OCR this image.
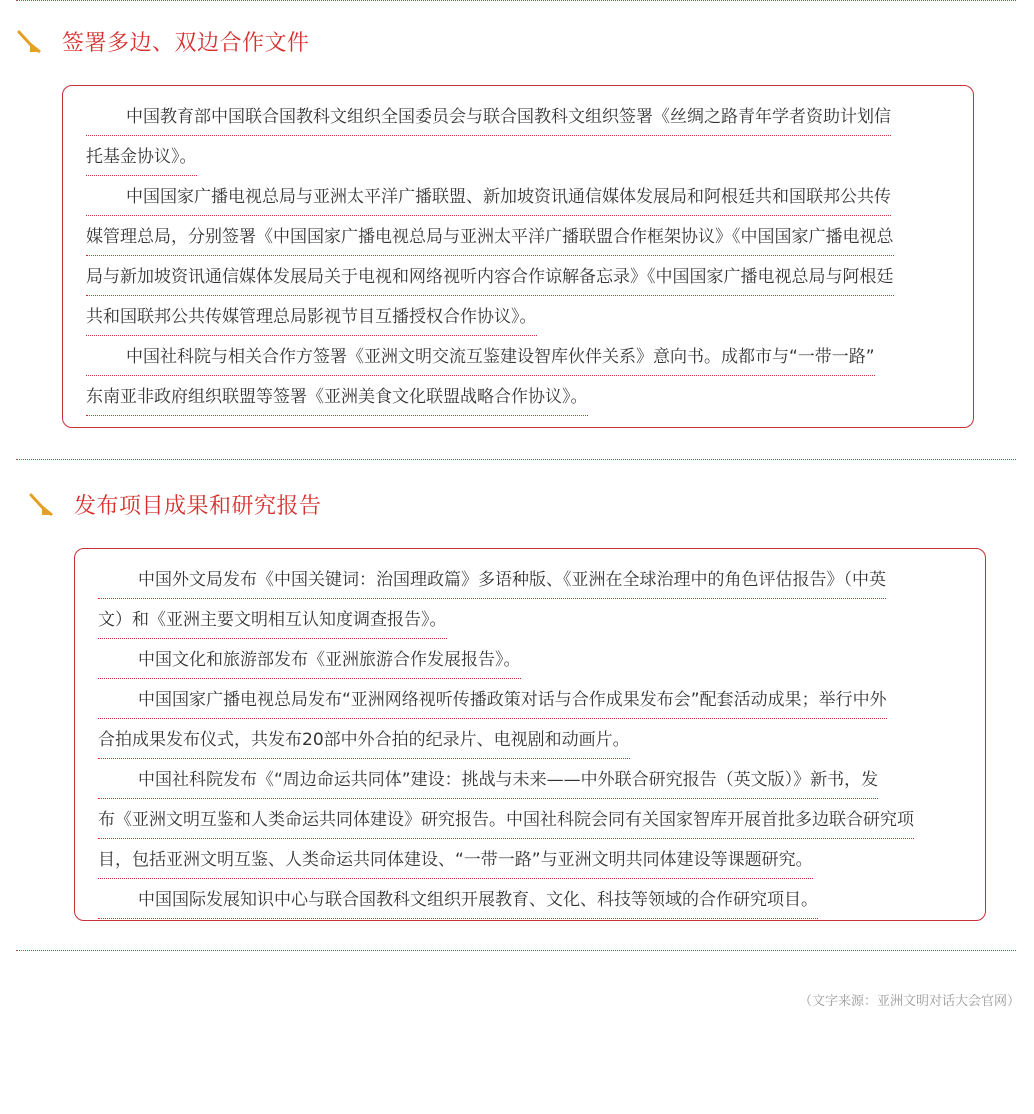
签署多边、双边合作文件
中国教育部中国联合国教科文组织全国委员会与联合国教科文组织签署《丝绸之路青年学者资助计划信
托基金协议》。
中国国家广播电视总局与亚洲太平洋广播联盟、新加坡资讯通信媒体发展局和阿根廷共和国联邦公共传
媒管理总局，分别签署《中国国家广播电视总局与亚洲太平洋广播联盟合作框架协议》《中国国家广播电视总
局与新加坡资讯通信媒体发展局关于电视和网络视听内容合作谅解备忘录》《中国国家广播电视总局与阿根廷
共和国联邦公共传媒管理总局影视节目互播授权合作协议》。
中国社科院与相关合作方签署《亚洲文明交流互鉴建设智库伙伴关系》意向书。成都市与“一带一路”
东南亚非政府组织联盟等签署《亚洲美食文化联盟战略合作协议》。
发布项目成果和研究报告
中国外文局发布《中国关键词：治国理政篇》多语种版、《亚洲在全球治理中的角色评估报告》（中英
文）和《亚洲主要文明相互认知度调查报告》。
中国文化和旅游部发布《亚洲旅游合作发展报告》。
中国国家广播电视总局发布“亚洲网络视听传播政策对话与合作成果发布会”配套活动成果；举行中外
合拍成果发布仪式，共发布20部中外合拍的纪录片、电视剧和动画片。
中国社科院发布《“周边命运共同体”建设：挑战与未来——中外联合研究报告（英文版）》新书，发
布《亚洲文明互鉴和人类命运共同体建设》研究报告。中国社科院会同有关国家智库开展首批多边联合研究项
目，包括亚洲文明互鉴、人类命运共同体建设、“一带一路”与亚洲文明共同体建设等课题研究。
中国国际发展知识中心与联合国教科文组织开展教育、文化、科技等领域的合作研究项目。
（文字来源：亚洲文明对话大会官网）
